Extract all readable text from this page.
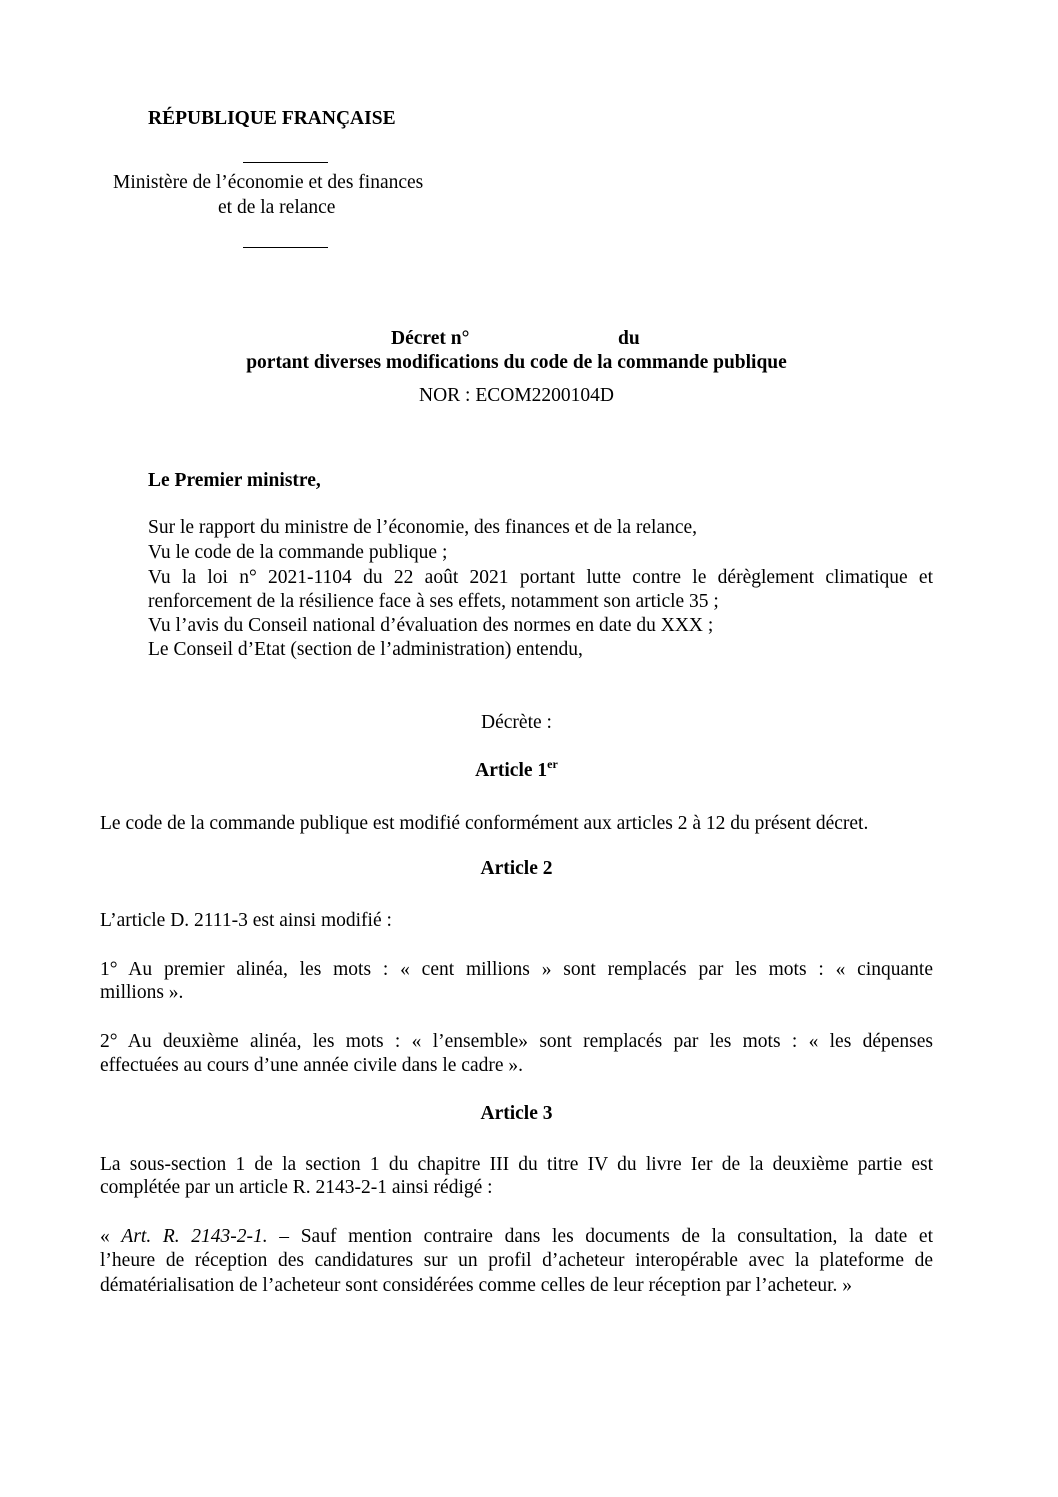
RÉPUBLIQUE FRANÇAISE
Ministère de l’économie et des finances
et de la relance
Décret n°	du
portant diverses modifications du code de la commande publique
NOR : ECOM2200104D
Le Premier ministre,
Sur le rapport du ministre de l’économie, des finances et de la relance,
Vu le code de la commande publique ;
Vu la loi n° 2021-1104 du 22 août 2021 portant lutte contre le dérèglement climatique et
renforcement de la résilience face à ses effets, notamment son article 35 ;
Vu l’avis du Conseil national d’évaluation des normes en date du XXX ;
Le Conseil d’Etat (section de l’administration) entendu,
Décrète :
Article 1er
Le code de la commande publique est modifié conformément aux articles 2 à 12 du présent décret.
Article 2
L’article D. 2111-3 est ainsi modifié :
1° Au premier alinéa, les mots : « cent millions » sont remplacés par les mots : « cinquante
millions ».
2° Au deuxième alinéa, les mots : « l’ensemble» sont remplacés par les mots : « les dépenses
effectuées au cours d’une année civile dans le cadre ».
Article 3
La sous-section 1 de la section 1 du chapitre III du titre IV du livre Ier de la deuxième partie est
complétée par un article R. 2143-2-1 ainsi rédigé :
« Art. R. 2143-2-1. – Sauf mention contraire dans les documents de la consultation, la date et
l’heure de réception des candidatures sur un profil d’acheteur interopérable avec la plateforme de
dématérialisation de l’acheteur sont considérées comme celles de leur réception par l’acheteur. »
